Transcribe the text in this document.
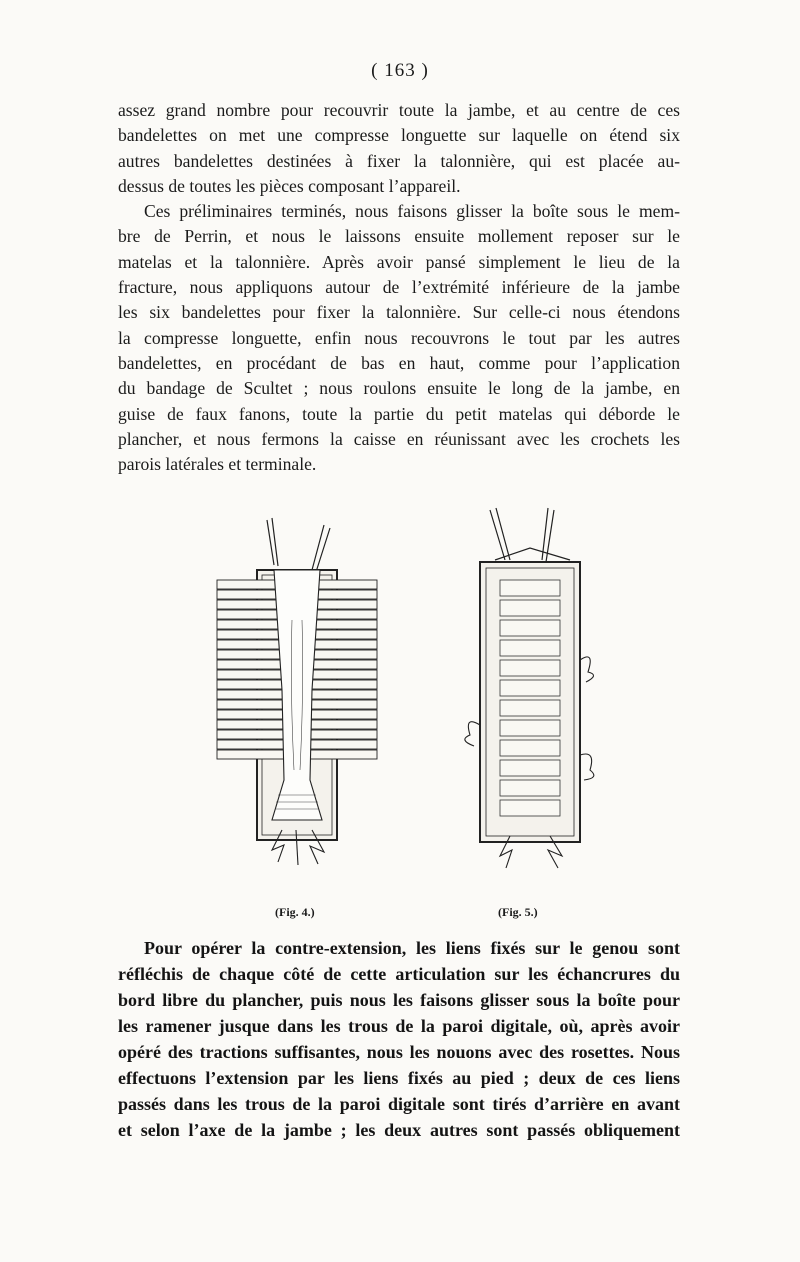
( 163 )
assez grand nombre pour recouvrir toute la jambe, et au centre de ces
bandelettes on met une compresse longuette sur laquelle on étend six
autres bandelettes destinées à fixer la talonnière, qui est placée au-
dessus de toutes les pièces composant l’appareil.
Ces préliminaires terminés, nous faisons glisser la boîte sous le mem-
bre de Perrin, et nous le laissons ensuite mollement reposer sur le
matelas et la talonnière. Après avoir pansé simplement le lieu de la
fracture, nous appliquons autour de l’extrémité inférieure de la jambe
les six bandelettes pour fixer la talonnière. Sur celle-ci nous étendons
la compresse longuette, enfin nous recouvrons le tout par les autres
bandelettes, en procédant de bas en haut, comme pour l’application
du bandage de Scultet ; nous roulons ensuite le long de la jambe, en
guise de faux fanons, toute la partie du petit matelas qui déborde le
plancher, et nous fermons la caisse en réunissant avec les crochets les
parois latérales et terminale.
(Fig. 4.)	(Fig. 5.)
Pour opérer la contre-extension, les liens fixés sur le genou sont
réfléchis de chaque côté de cette articulation sur les échancrures du
bord libre du plancher, puis nous les faisons glisser sous la boîte pour
les ramener jusque dans les trous de la paroi digitale, où, après avoir
opéré des tractions suffisantes, nous les nouons avec des rosettes. Nous
effectuons l’extension par les liens fixés au pied ; deux de ces liens
passés dans les trous de la paroi digitale sont tirés d’arrière en avant
et selon l’axe de la jambe ; les deux autres sont passés obliquement
